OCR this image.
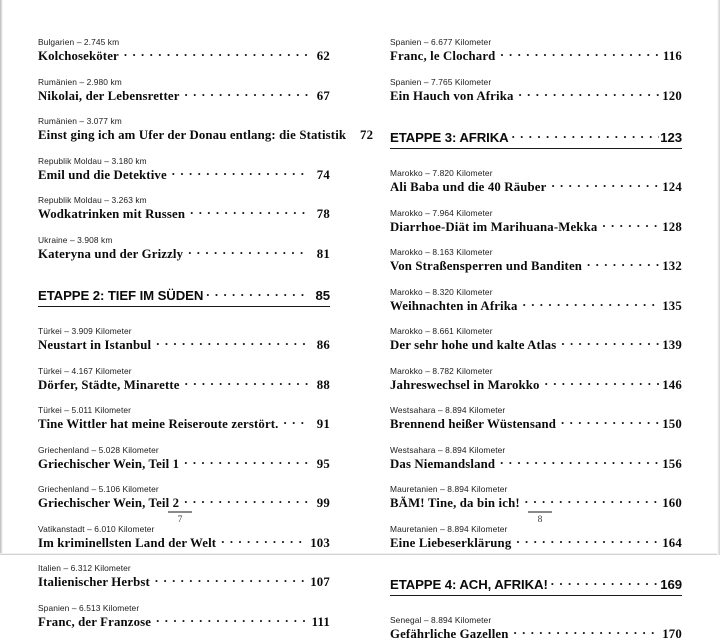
Bulgarien – 2.745 km
Kolchoseköter . . .	62
Rumänien – 2.980 km
Nikolai, der Lebensretter . . .	67
Rumänien – 3.077 km
Einst ging ich am Ufer der Donau entlang: die Statistik	72
Republik Moldau – 3.180 km
Emil und die Detektive . . .	74
Republik Moldau – 3.263 km
Wodkatrinken mit Russen . . .	78
Ukraine – 3.908 km
Kateryna und der Grizzly . . .	81
ETAPPE 2: TIEF IM SÜDEN . . .	85
Türkei – 3.909 Kilometer
Neustart in Istanbul . . .	86
Türkei – 4.167 Kilometer
Dörfer, Städte, Minarette . . .	88
Türkei – 5.011 Kilometer
Tine Wittler hat meine Reiseroute zerstört. . . .	91
Griechenland – 5.028 Kilometer
Griechischer Wein, Teil 1 . . .	95
Griechenland – 5.106 Kilometer
Griechischer Wein, Teil 2 . . .	99
Vatikanstadt – 6.010 Kilometer
Im kriminellsten Land der Welt . . .	103
Italien – 6.312 Kilometer
Italienischer Herbst . . .	107
Spanien – 6.513 Kilometer
Franc, der Franzose . . .	111
7
Spanien – 6.677 Kilometer
Franc, le Clochard . . .	116
Spanien – 7.765 Kilometer
Ein Hauch von Afrika . . .	120
ETAPPE 3: AFRIKA . . .	123
Marokko – 7.820 Kilometer
Ali Baba und die 40 Räuber . . .	124
Marokko – 7.964 Kilometer
Diarrhoe-Diät im Marihuana-Mekka . . .	128
Marokko – 8.163 Kilometer
Von Straßensperren und Banditen . . .	132
Marokko – 8.320 Kilometer
Weihnachten in Afrika . . .	135
Marokko – 8.661 Kilometer
Der sehr hohe und kalte Atlas . . .	139
Marokko – 8.782 Kilometer
Jahreswechsel in Marokko . . .	146
Westsahara – 8.894 Kilometer
Brennend heißer Wüstensand . . .	150
Westsahara – 8.894 Kilometer
Das Niemandsland . . .	156
Mauretanien – 8.894 Kilometer
BÄM! Tine, da bin ich! . . .	160
Mauretanien – 8.894 Kilometer
Eine Liebeserklärung . . .	164
ETAPPE 4: ACH, AFRIKA! . . .	169
Senegal – 8.894 Kilometer
Gefährliche Gazellen . . .	170
8
